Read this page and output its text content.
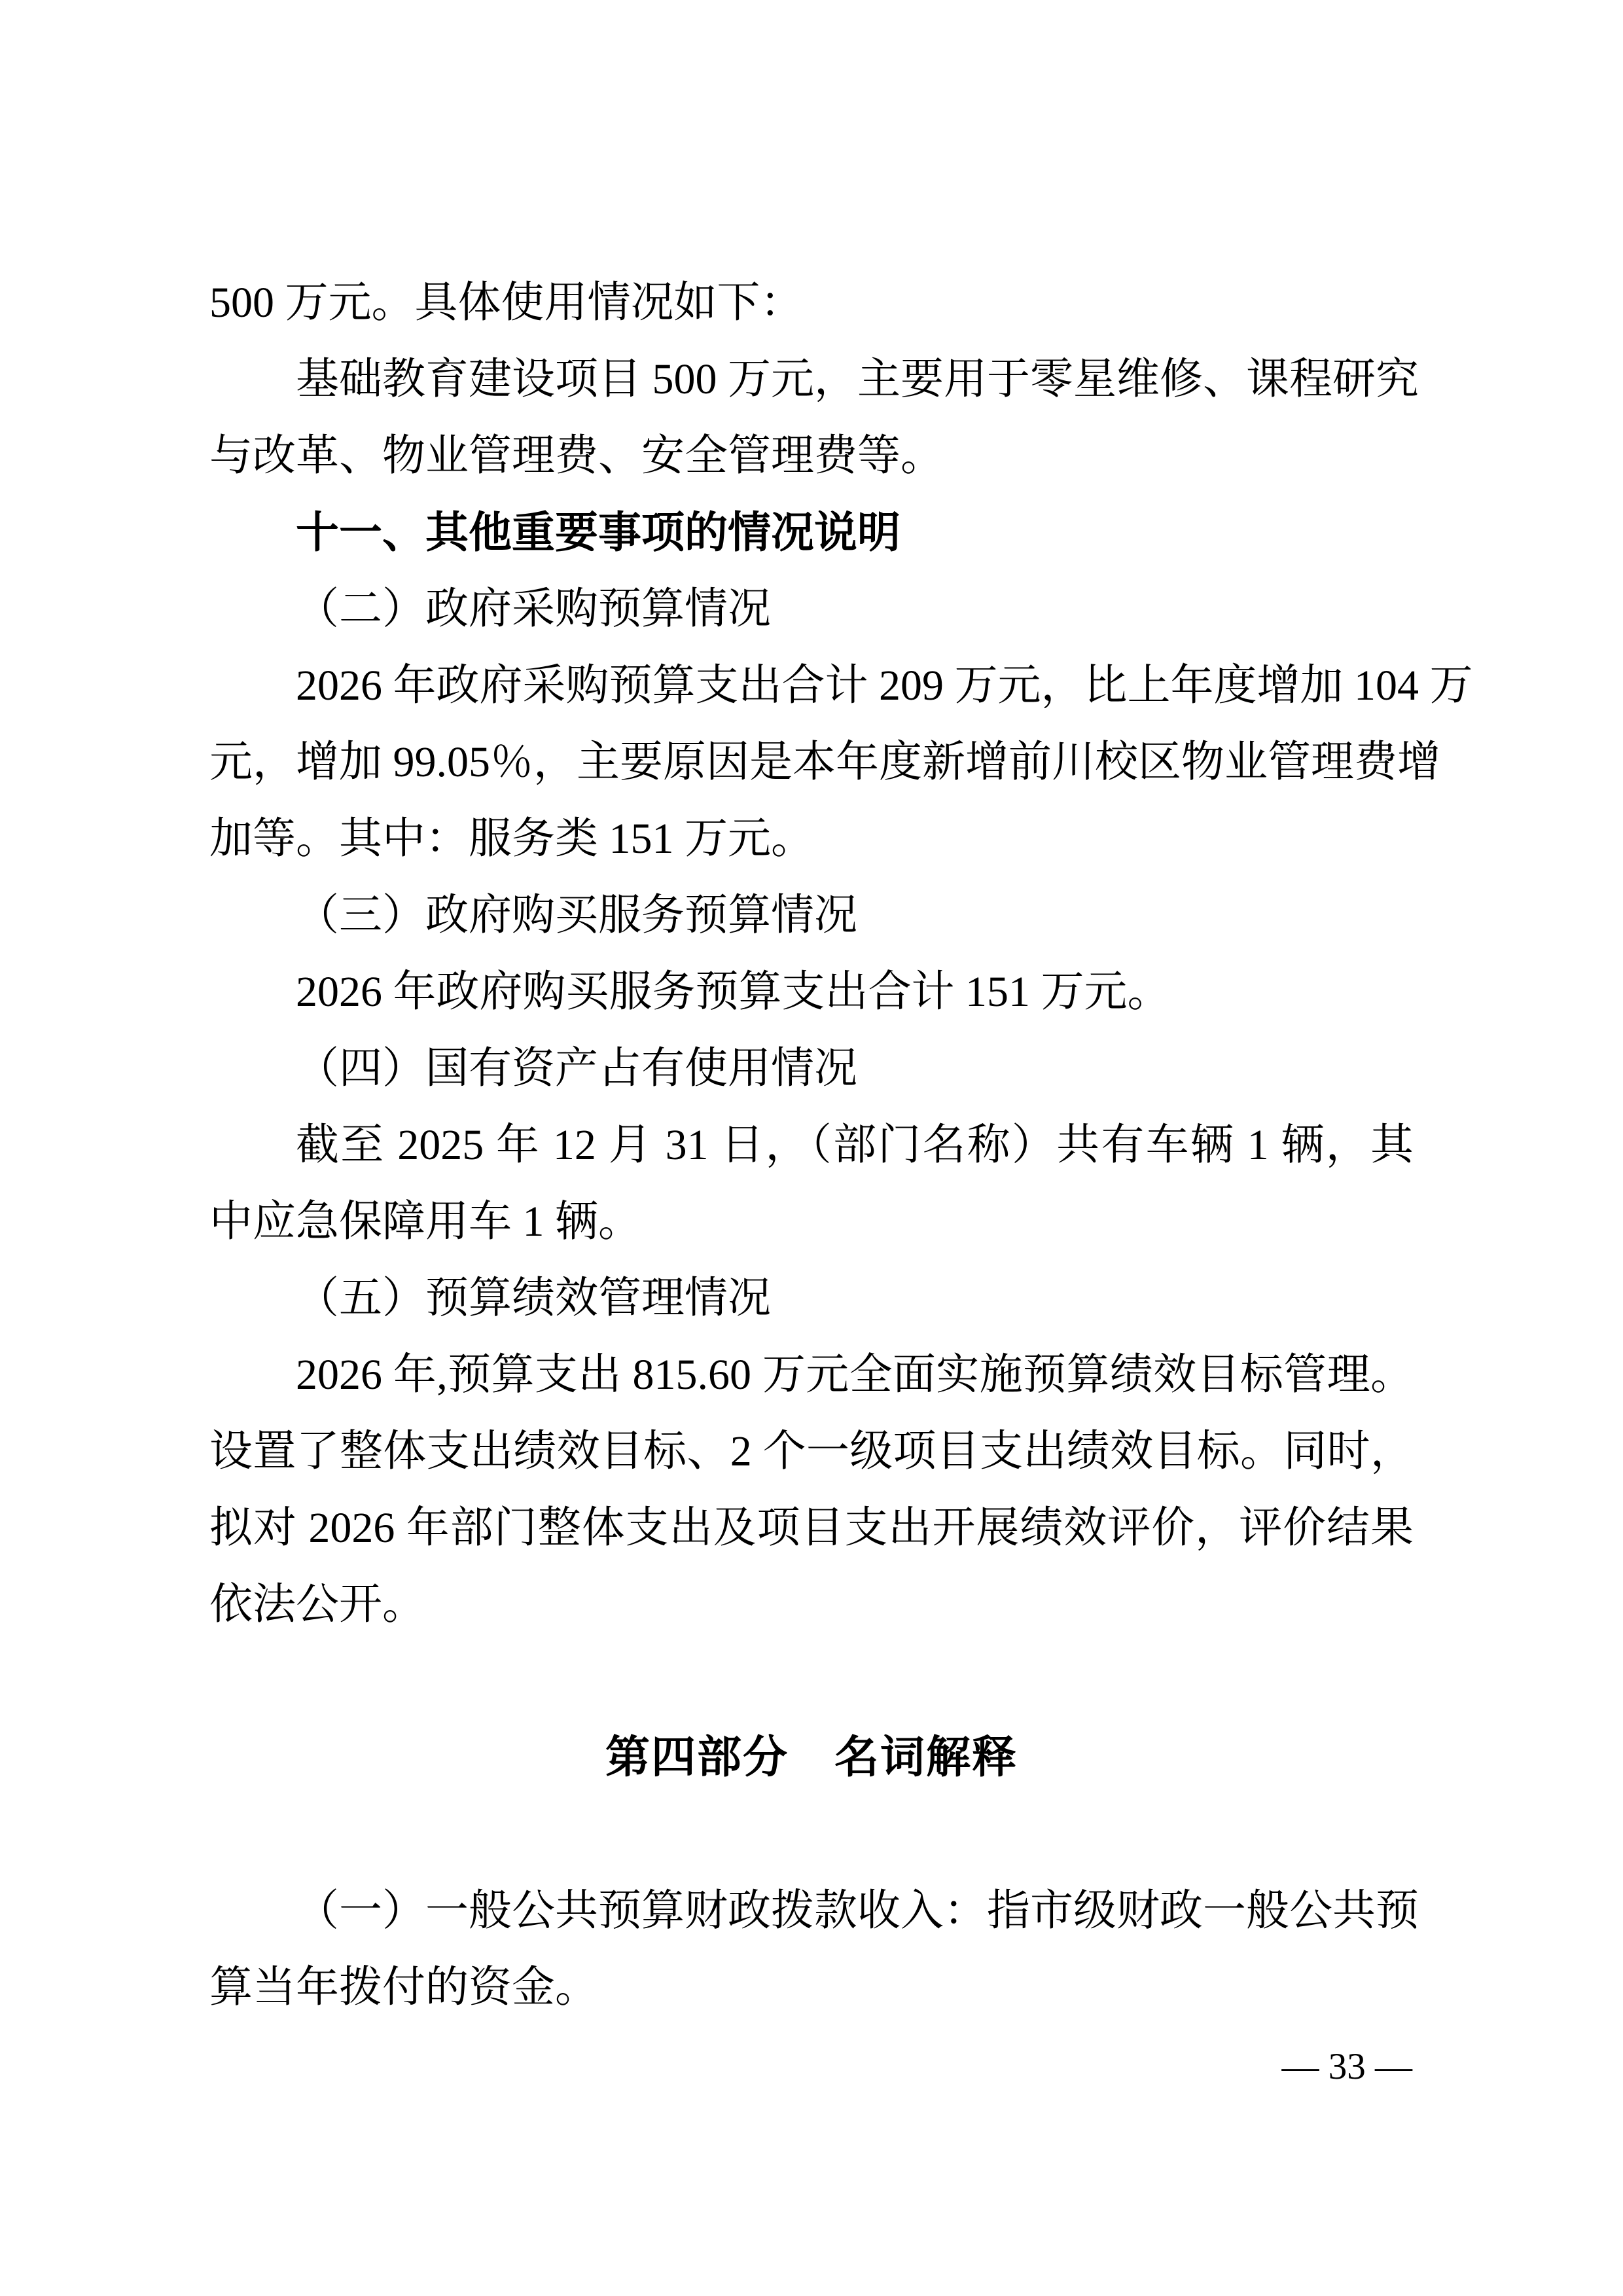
500 万元。具体使用情况如下：
基础教育建设项目 500 万元，主要用于零星维修、课程研究
与改革、物业管理费、安全管理费等。
十一、其他重要事项的情况说明
（二）政府采购预算情况
2026 年政府采购预算支出合计 209 万元，比上年度增加 104 万
元，增加 99.05％，主要原因是本年度新增前川校区物业管理费增
加等。其中：服务类 151 万元。
（三）政府购买服务预算情况
2026 年政府购买服务预算支出合计 151 万元。
（四）国有资产占有使用情况
截至 2025 年 12 月 31 日，（部门名称）共有车辆 1 辆，其
中应急保障用车 1 辆。
（五）预算绩效管理情况
2026 年,预算支出 815.60 万元全面实施预算绩效目标管理。
设置了整体支出绩效目标、2 个一级项目支出绩效目标。同时，
拟对 2026 年部门整体支出及项目支出开展绩效评价，评价结果
依法公开。
第四部分　名词解释
（一）一般公共预算财政拨款收入：指市级财政一般公共预
算当年拨付的资金。
— 33 —
